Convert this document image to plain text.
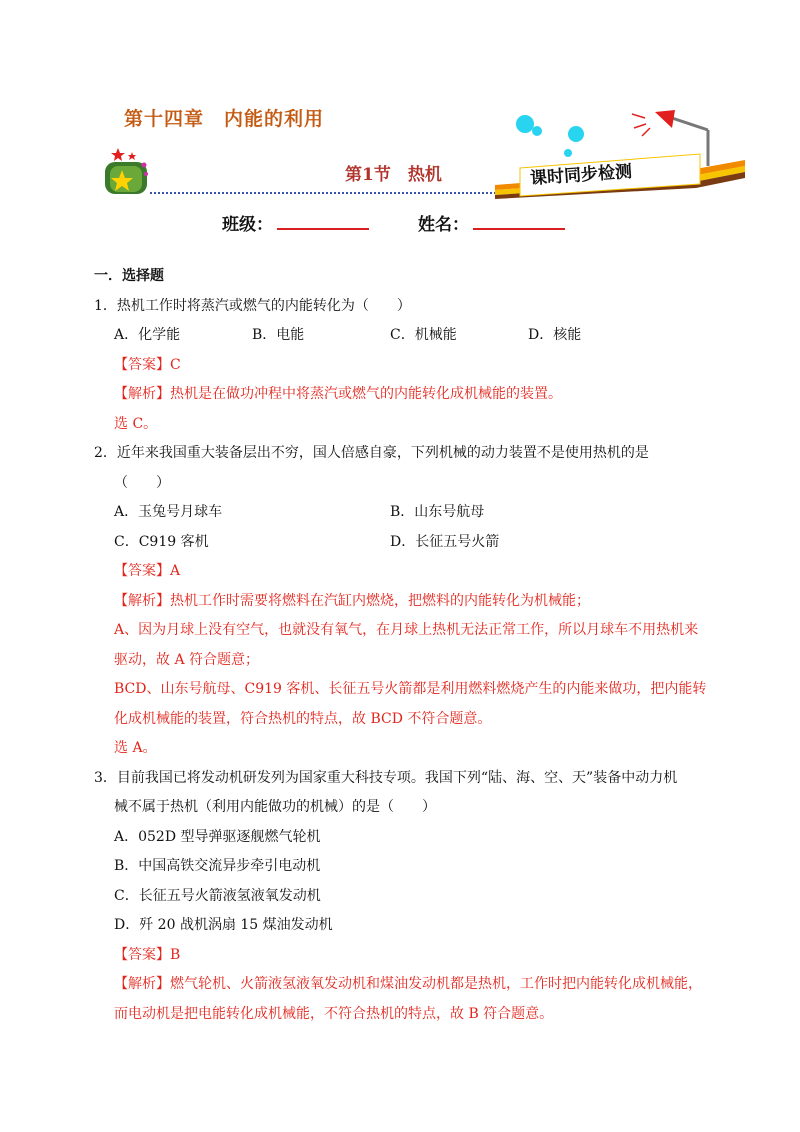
第十四章　内能的利用
第1节　热机	课时同步检测
班级：	姓名：

一．选择题

1．热机工作时将蒸汽或燃气的内能转化为（　　）

A．化学能	B．电能	C．机械能	D．核能

【答案】C

【解析】热机是在做功冲程中将蒸汽或燃气的内能转化成机械能的装置。

选 C。

2．近年来我国重大装备层出不穷，国人倍感自豪，下列机械的动力装置不是使用热机的是

（　　）

A．玉兔号月球车	B．山东号航母
C．C919 客机	D．长征五号火箭

【答案】A

【解析】热机工作时需要将燃料在汽缸内燃烧，把燃料的内能转化为机械能；

A、因为月球上没有空气，也就没有氧气，在月球上热机无法正常工作，所以月球车不用热机来

驱动，故 A 符合题意；

BCD、山东号航母、C919 客机、长征五号火箭都是利用燃料燃烧产生的内能来做功，把内能转

化成机械能的装置，符合热机的特点，故 BCD 不符合题意。

选 A。

3．目前我国已将发动机研发列为国家重大科技专项。我国下列“陆、海、空、天”装备中动力机

械不属于热机（利用内能做功的机械）的是（　　）

A．052D 型导弹驱逐舰燃气轮机

B．中国高铁交流异步牵引电动机

C．长征五号火箭液氢液氧发动机

D．歼 20 战机涡扇 15 煤油发动机

【答案】B

【解析】燃气轮机、火箭液氢液氧发动机和煤油发动机都是热机，工作时把内能转化成机械能，

而电动机是把电能转化成机械能，不符合热机的特点，故 B 符合题意。
